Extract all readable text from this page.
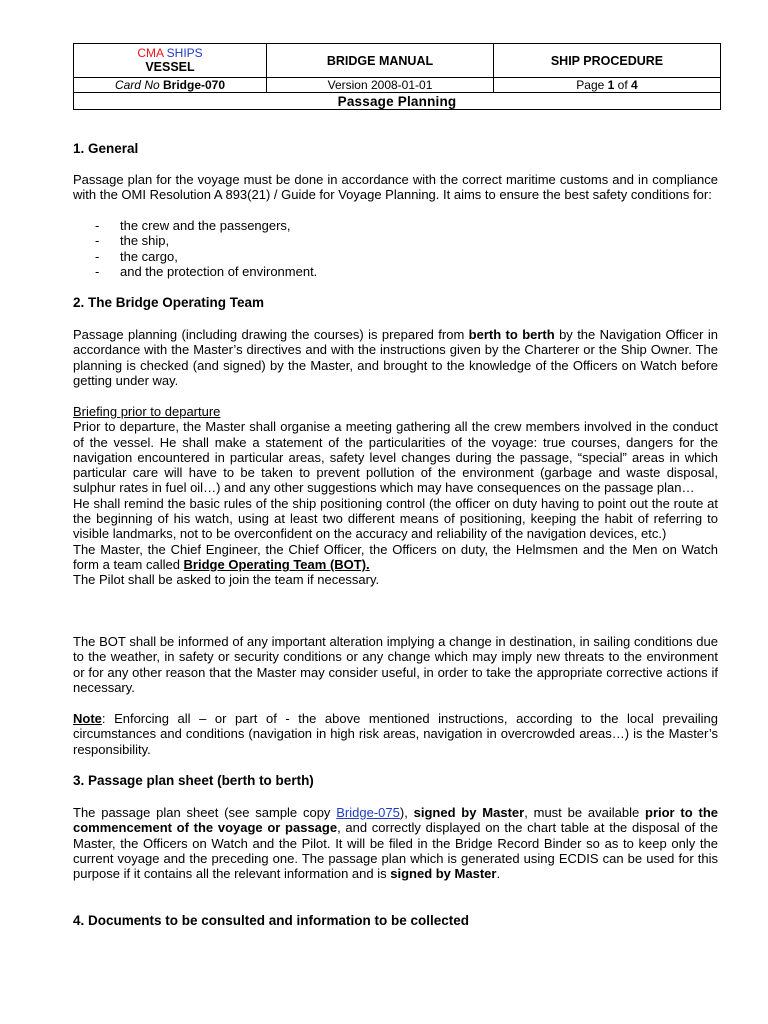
CMA SHIPS
VESSEL	BRIDGE MANUAL	SHIP PROCEDURE
Card No Bridge-070	Version 2008-01-01	Page 1 of 4
Passage Planning		
1. General

Passage plan for the voyage must be done in accordance with the correct maritime customs and in compliance with the OMI Resolution A 893(21) / Guide for Voyage Planning. It aims to ensure the best safety conditions for:

- the crew and the passengers,
- the ship,
- the cargo,
- and the protection of environment.
2. The Bridge Operating Team

Passage planning (including drawing the courses) is prepared from berth to berth by the Navigation Officer in accordance with the Master’s directives and with the instructions given by the Charterer or the Ship Owner. The planning is checked (and signed) by the Master, and brought to the knowledge of the Officers on Watch before getting under way.

Briefing prior to departure
Prior to departure, the Master shall organise a meeting gathering all the crew members involved in the conduct of the vessel. He shall make a statement of the particularities of the voyage: true courses, dangers for the navigation encountered in particular areas, safety level changes during the passage, “special” areas in which particular care will have to be taken to prevent pollution of the environment (garbage and waste disposal, sulphur rates in fuel oil…) and any other suggestions which may have consequences on the passage plan…
He shall remind the basic rules of the ship positioning control (the officer on duty having to point out the route at the beginning of his watch, using at least two different means of positioning, keeping the habit of referring to visible landmarks, not to be overconfident on the accuracy and reliability of the navigation devices, etc.)
The Master, the Chief Engineer, the Chief Officer, the Officers on duty, the Helmsmen and the Men on Watch form a team called Bridge Operating Team (BOT).
The Pilot shall be asked to join the team if necessary.

The BOT shall be informed of any important alteration implying a change in destination, in sailing conditions due to the weather, in safety or security conditions or any change which may imply new threats to the environment or for any other reason that the Master may consider useful, in order to take the appropriate corrective actions if necessary.

Note: Enforcing all – or part of - the above mentioned instructions, according to the local prevailing circumstances and conditions (navigation in high risk areas, navigation in overcrowded areas…) is the Master’s responsibility.

3. Passage plan sheet (berth to berth)

The passage plan sheet (see sample copy Bridge-075), signed by Master, must be available prior to the commencement of the voyage or passage, and correctly displayed on the chart table at the disposal of the Master, the Officers on Watch and the Pilot. It will be filed in the Bridge Record Binder so as to keep only the current voyage and the preceding one. The passage plan which is generated using ECDIS can be used for this purpose if it contains all the relevant information and is signed by Master.

4. Documents to be consulted and information to be collected
